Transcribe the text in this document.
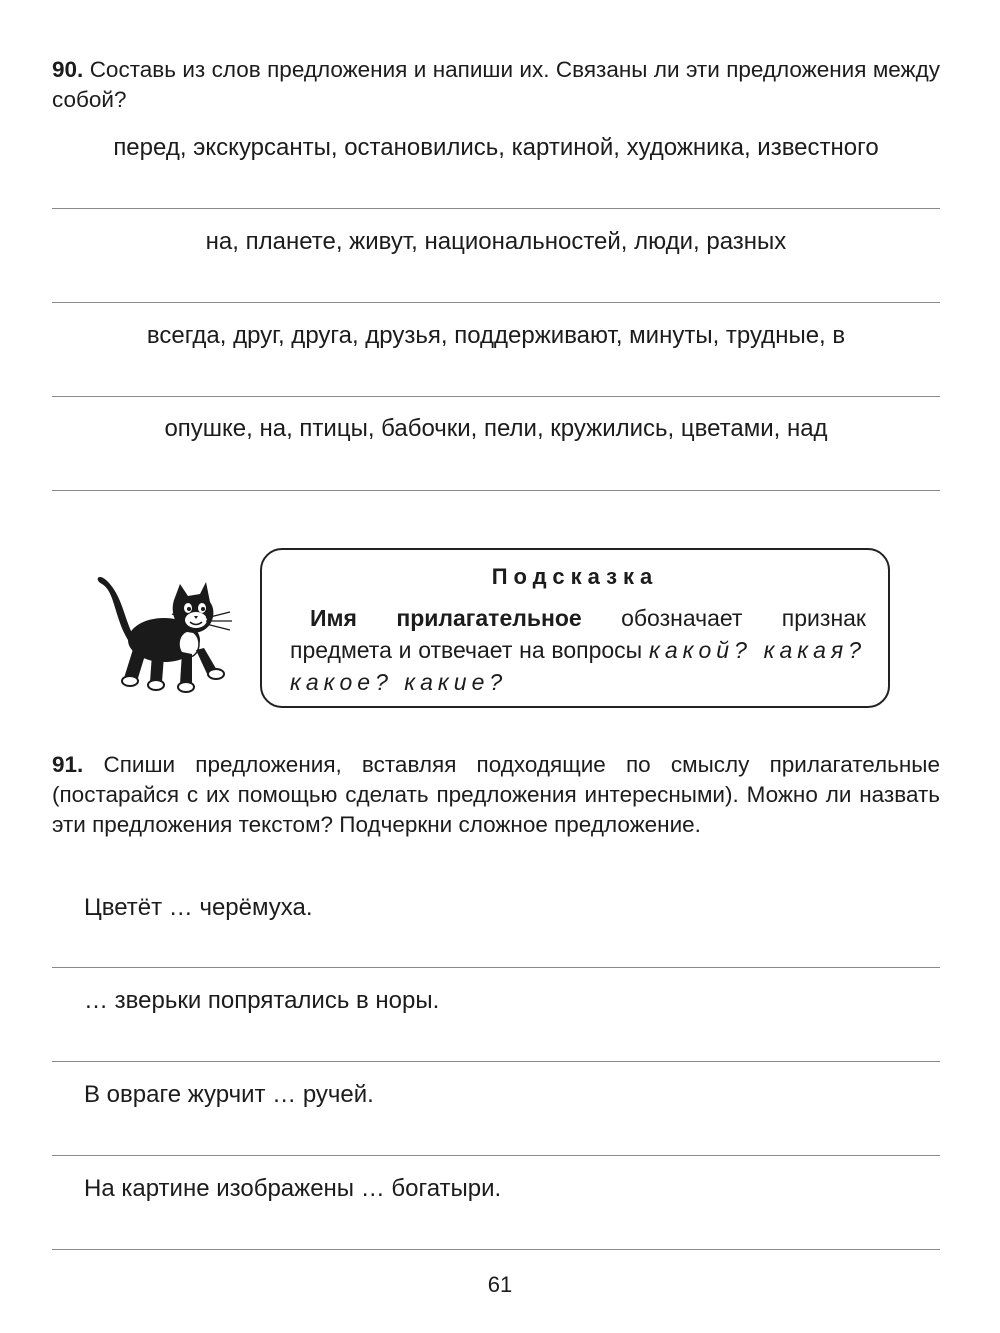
90. Составь из слов предложения и напиши их. Связаны ли эти предложения между собой?
перед, экскурсанты, остановились, картиной, художника, известного
на, планете, живут, национальностей, люди, разных
всегда, друг, друга, друзья, поддерживают, минуты, трудные, в
опушке, на, птицы, бабочки, пели, кружились, цветами, над
Подсказка
Имя прилагательное обозначает признак предмета и отвечает на вопросы какой? какая? какое? какие?
91. Спиши предложения, вставляя подходящие по смыслу прилагательные (постарайся с их помощью сделать предложения интересными). Можно ли назвать эти предложения текстом? Подчеркни сложное предложение.
Цветёт … черёмуха.
… зверьки попрятались в норы.
В овраге журчит … ручей.
На картине изображены … богатыри.
61
